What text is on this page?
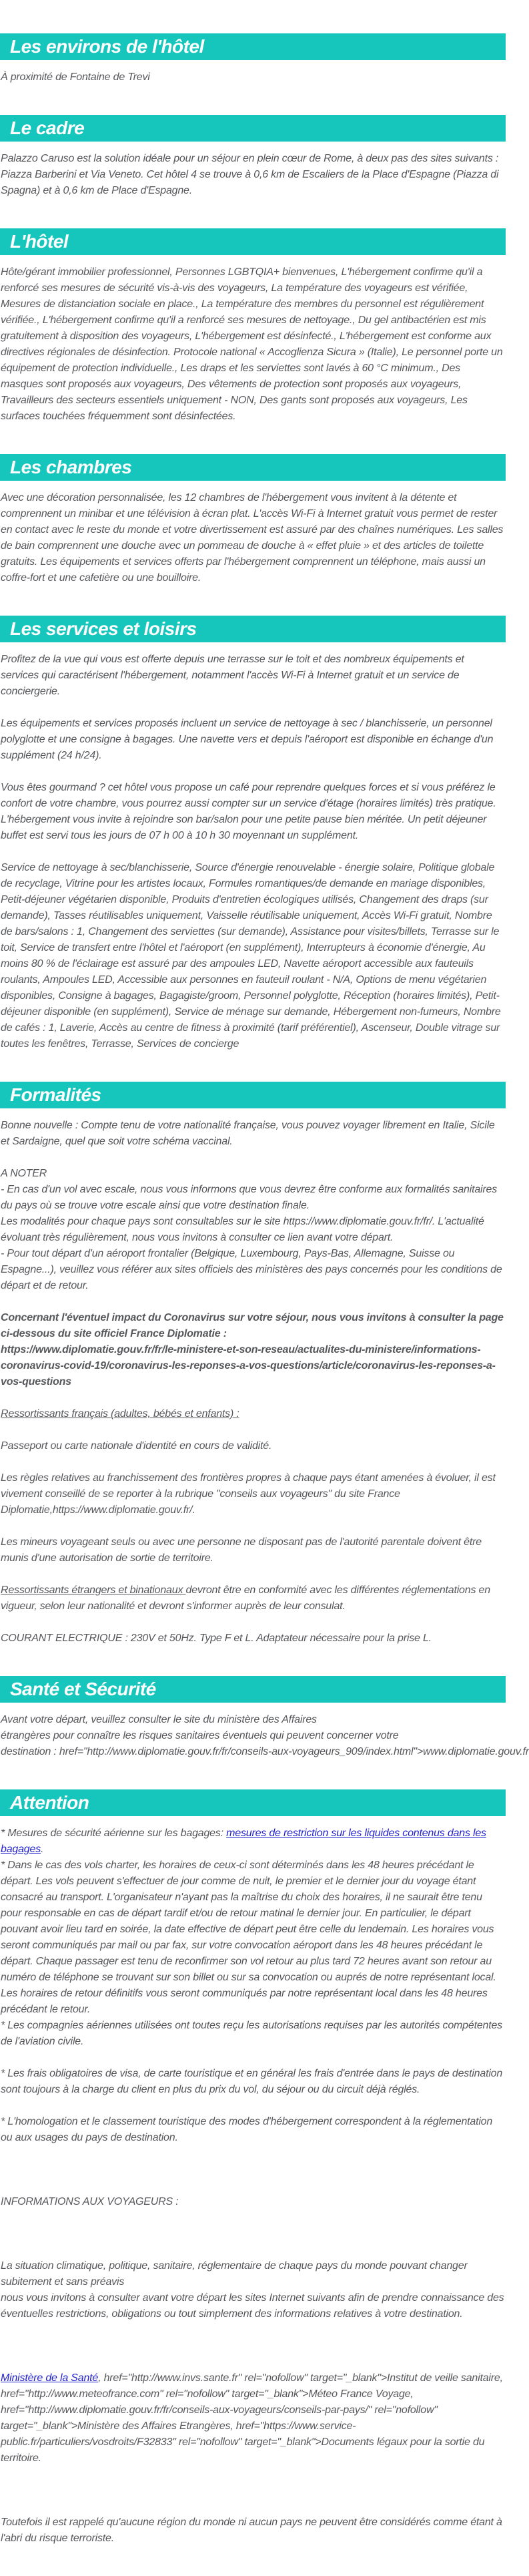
Les environs de l'hôtel

À proximité de Fontaine de Trevi

Le cadre

Palazzo Caruso est la solution idéale pour un séjour en plein cœur de Rome, à deux pas des sites suivants : Piazza Barberini et Via Veneto. Cet hôtel 4 se trouve à 0,6 km de Escaliers de la Place d'Espagne (Piazza di Spagna) et à 0,6 km de Place d'Espagne.

L'hôtel

Hôte/gérant immobilier professionnel, Personnes LGBTQIA+ bienvenues, L'hébergement confirme qu'il a renforcé ses mesures de sécurité vis-à-vis des voyageurs, La température des voyageurs est vérifiée, Mesures de distanciation sociale en place., La température des membres du personnel est régulièrement vérifiée., L'hébergement confirme qu'il a renforcé ses mesures de nettoyage., Du gel antibactérien est mis gratuitement à disposition des voyageurs, L'hébergement est désinfecté., L'hébergement est conforme aux directives régionales de désinfection. Protocole national « Accoglienza Sicura » (Italie), Le personnel porte un équipement de protection individuelle., Les draps et les serviettes sont lavés à 60 °C minimum., Des masques sont proposés aux voyageurs, Des vêtements de protection sont proposés aux voyageurs, Travailleurs des secteurs essentiels uniquement - NON, Des gants sont proposés aux voyageurs, Les surfaces touchées fréquemment sont désinfectées.

Les chambres

Avec une décoration personnalisée, les 12 chambres de l'hébergement vous invitent à la détente et comprennent un minibar et une télévision à écran plat. L'accès Wi-Fi à Internet gratuit vous permet de rester en contact avec le reste du monde et votre divertissement est assuré par des chaînes numériques. Les salles de bain comprennent une douche avec un pommeau de douche à « effet pluie » et des articles de toilette gratuits. Les équipements et services offerts par l'hébergement comprennent un téléphone, mais aussi un coffre-fort et une cafetière ou une bouilloire.

Les services et loisirs

Profitez de la vue qui vous est offerte depuis une terrasse sur le toit et des nombreux équipements et services qui caractérisent l'hébergement, notamment l'accès Wi-Fi à Internet gratuit et un service de conciergerie.

Les équipements et services proposés incluent un service de nettoyage à sec / blanchisserie, un personnel polyglotte et une consigne à bagages. Une navette vers et depuis l'aéroport est disponible en échange d'un supplément (24 h/24).

Vous êtes gourmand ? cet hôtel vous propose un café pour reprendre quelques forces et si vous préférez le confort de votre chambre, vous pourrez aussi compter sur un service d'étage (horaires limités) très pratique. L'hébergement vous invite à rejoindre son bar/salon pour une petite pause bien méritée. Un petit déjeuner buffet est servi tous les jours de 07 h 00 à 10 h 30 moyennant un supplément.

Service de nettoyage à sec/blanchisserie, Source d'énergie renouvelable - énergie solaire, Politique globale de recyclage, Vitrine pour les artistes locaux, Formules romantiques/de demande en mariage disponibles, Petit-déjeuner végétarien disponible, Produits d'entretien écologiques utilisés, Changement des draps (sur demande), Tasses réutilisables uniquement, Vaisselle réutilisable uniquement, Accès Wi-Fi gratuit, Nombre de bars/salons : 1, Changement des serviettes (sur demande), Assistance pour visites/billets, Terrasse sur le toit, Service de transfert entre l'hôtel et l'aéroport (en supplément), Interrupteurs à économie d'énergie, Au moins 80 % de l'éclairage est assuré par des ampoules LED, Navette aéroport accessible aux fauteuils roulants, Ampoules LED, Accessible aux personnes en fauteuil roulant - N/A, Options de menu végétarien disponibles, Consigne à bagages, Bagagiste/groom, Personnel polyglotte, Réception (horaires limités), Petit-déjeuner disponible (en supplément), Service de ménage sur demande, Hébergement non-fumeurs, Nombre de cafés : 1, Laverie, Accès au centre de fitness à proximité (tarif préférentiel), Ascenseur, Double vitrage sur toutes les fenêtres, Terrasse, Services de concierge

Formalités

Bonne nouvelle : Compte tenu de votre nationalité française, vous pouvez voyager librement en Italie, Sicile et Sardaigne, quel que soit votre schéma vaccinal.

A NOTER
- En cas d'un vol avec escale, nous vous informons que vous devrez être conforme aux formalités sanitaires du pays où se trouve votre escale ainsi que votre destination finale.
Les modalités pour chaque pays sont consultables sur le site https://www.diplomatie.gouv.fr/fr/. L'actualité évoluant très régulièrement, nous vous invitons à consulter ce lien avant votre départ.
- Pour tout départ d'un aéroport frontalier (Belgique, Luxembourg, Pays-Bas, Allemagne, Suisse ou Espagne...), veuillez vous référer aux sites officiels des ministères des pays concernés pour les conditions de départ et de retour.

Concernant l'éventuel impact du Coronavirus sur votre séjour, nous vous invitons à consulter la page ci-dessous du site officiel France Diplomatie :
https://www.diplomatie.gouv.fr/fr/le-ministere-et-son-reseau/actualites-du-ministere/informations-coronavirus-covid-19/coronavirus-les-reponses-a-vos-questions/article/coronavirus-les-reponses-a-vos-questions

Ressortissants français (adultes, bébés et enfants) :

Passeport ou carte nationale d'identité en cours de validité.

Les règles relatives au franchissement des frontières propres à chaque pays étant amenées à évoluer, il est vivement conseillé de se reporter à la rubrique "conseils aux voyageurs" du site France Diplomatie,https://www.diplomatie.gouv.fr/.

Les mineurs voyageant seuls ou avec une personne ne disposant pas de l'autorité parentale doivent être munis d'une autorisation de sortie de territoire.

Ressortissants étrangers et binationaux devront être en conformité avec les différentes réglementations en vigueur, selon leur nationalité et devront s'informer auprès de leur consulat.

COURANT ELECTRIQUE : 230V et 50Hz. Type F et L. Adaptateur nécessaire pour la prise L.

Santé et Sécurité

Avant votre départ, veuillez consulter le site du ministère des Affaires
étrangères pour connaître les risques sanitaires éventuels qui peuvent concerner votre
destination : href="http://www.diplomatie.gouv.fr/fr/conseils-aux-voyageurs_909/index.html">www.diplomatie.gouv.fr

Attention

* Mesures de sécurité aérienne sur les bagages: mesures de restriction sur les liquides contenus dans les bagages.

* Dans le cas des vols charter, les horaires de ceux-ci sont déterminés dans les 48 heures précédant le départ. Les vols peuvent s'effectuer de jour comme de nuit, le premier et le dernier jour du voyage étant consacré au transport. L'organisateur n'ayant pas la maîtrise du choix des horaires, il ne saurait être tenu pour responsable en cas de départ tardif et/ou de retour matinal le dernier jour. En particulier, le départ pouvant avoir lieu tard en soirée, la date effective de départ peut être celle du lendemain. Les horaires vous seront communiqués par mail ou par fax, sur votre convocation aéroport dans les 48 heures précédant le départ. Chaque passager est tenu de reconfirmer son vol retour au plus tard 72 heures avant son retour au numéro de téléphone se trouvant sur son billet ou sur sa convocation ou auprés de notre représentant local. Les horaires de retour définitifs vous seront communiqués par notre représentant local dans les 48 heures précédant le retour.
* Les compagnies aériennes utilisées ont toutes reçu les autorisations requises par les autorités compétentes de l'aviation civile.

* Les frais obligatoires de visa, de carte touristique et en général les frais d'entrée dans le pays de destination sont toujours à la charge du client en plus du prix du vol, du séjour ou du circuit déjà réglés.

* L'homologation et le classement touristique des modes d'hébergement correspondent à la réglementation ou aux usages du pays de destination.

INFORMATIONS AUX VOYAGEURS :

La situation climatique, politique, sanitaire, réglementaire de chaque pays du monde pouvant changer subitement et sans préavis
nous vous invitons à consulter avant votre départ les sites Internet suivants afin de prendre connaissance des éventuelles restrictions, obligations ou tout simplement des informations relatives à votre destination.

Ministère de la Santé, href="http://www.invs.sante.fr" rel="nofollow" target="_blank">Institut de veille sanitaire, href="http://www.meteofrance.com" rel="nofollow" target="_blank">Méteo France Voyage, href="http://www.diplomatie.gouv.fr/fr/conseils-aux-voyageurs/conseils-par-pays/" rel="nofollow" target="_blank">Ministère des Affaires Etrangères, href="https://www.service-public.fr/particuliers/vosdroits/F32833" rel="nofollow" target="_blank">Documents légaux pour la sortie du territoire.

Toutefois il est rappelé qu'aucune région du monde ni aucun pays ne peuvent être considérés comme étant à l'abri du risque terroriste.
